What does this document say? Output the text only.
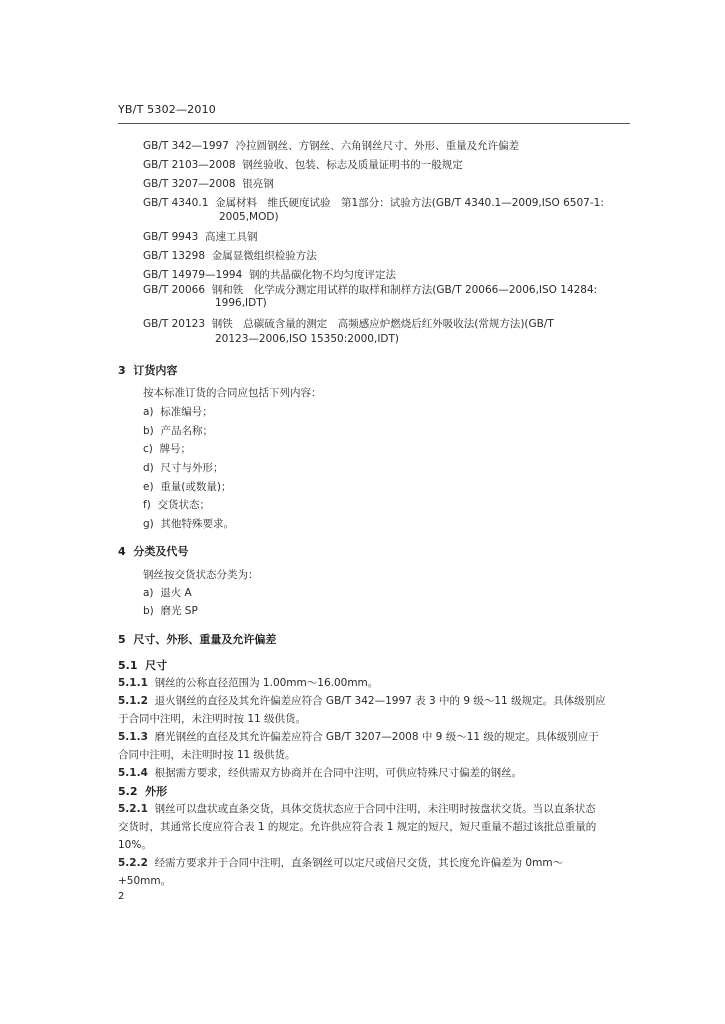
YB/T 5302—2010
GB/T 342—1997 冷拉圆钢丝、方钢丝、六角钢丝尺寸、外形、重量及允许偏差
GB/T 2103—2008 钢丝验收、包装、标志及质量证明书的一般规定
GB/T 3207—2008 银亮钢
GB/T 4340.1 金属材料　维氏硬度试验　第1部分：试验方法(GB/T 4340.1—2009,ISO 6507-1:
2005,MOD)
GB/T 9943 高速工具钢
GB/T 13298 金属显微组织检验方法
GB/T 14979—1994 钢的共晶碳化物不均匀度评定法
GB/T 20066 钢和铁　化学成分测定用试样的取样和制样方法(GB/T 20066—2006,ISO 14284:
1996,IDT)
GB/T 20123 钢铁　总碳硫含量的测定　高频感应炉燃烧后红外吸收法(常规方法)(GB/T
20123—2006,ISO 15350:2000,IDT)
3 订货内容
按本标准订货的合同应包括下列内容：
a) 标准编号；
b) 产品名称；
c) 牌号；
d) 尺寸与外形；
e) 重量(或数量)；
f) 交货状态；
g) 其他特殊要求。
4 分类及代号
钢丝按交货状态分类为：
a) 退火 A
b) 磨光 SP
5 尺寸、外形、重量及允许偏差
5.1 尺寸
5.1.1 钢丝的公称直径范围为 1.00mm～16.00mm。
5.1.2 退火钢丝的直径及其允许偏差应符合 GB/T 342—1997 表 3 中的 9 级～11 级规定。具体级别应
于合同中注明，未注明时按 11 级供货。
5.1.3 磨光钢丝的直径及其允许偏差应符合 GB/T 3207—2008 中 9 级～11 级的规定。具体级别应于
合同中注明，未注明时按 11 级供货。
5.1.4 根据需方要求，经供需双方协商并在合同中注明，可供应特殊尺寸偏差的钢丝。
5.2 外形
5.2.1 钢丝可以盘状或直条交货，具体交货状态应于合同中注明，未注明时按盘状交货。当以直条状态
交货时，其通常长度应符合表 1 的规定。允许供应符合表 1 规定的短尺，短尺重量不超过该批总重量的
10%。
5.2.2 经需方要求并于合同中注明，直条钢丝可以定尺或倍尺交货，其长度允许偏差为 0mm～
+50mm。
2
